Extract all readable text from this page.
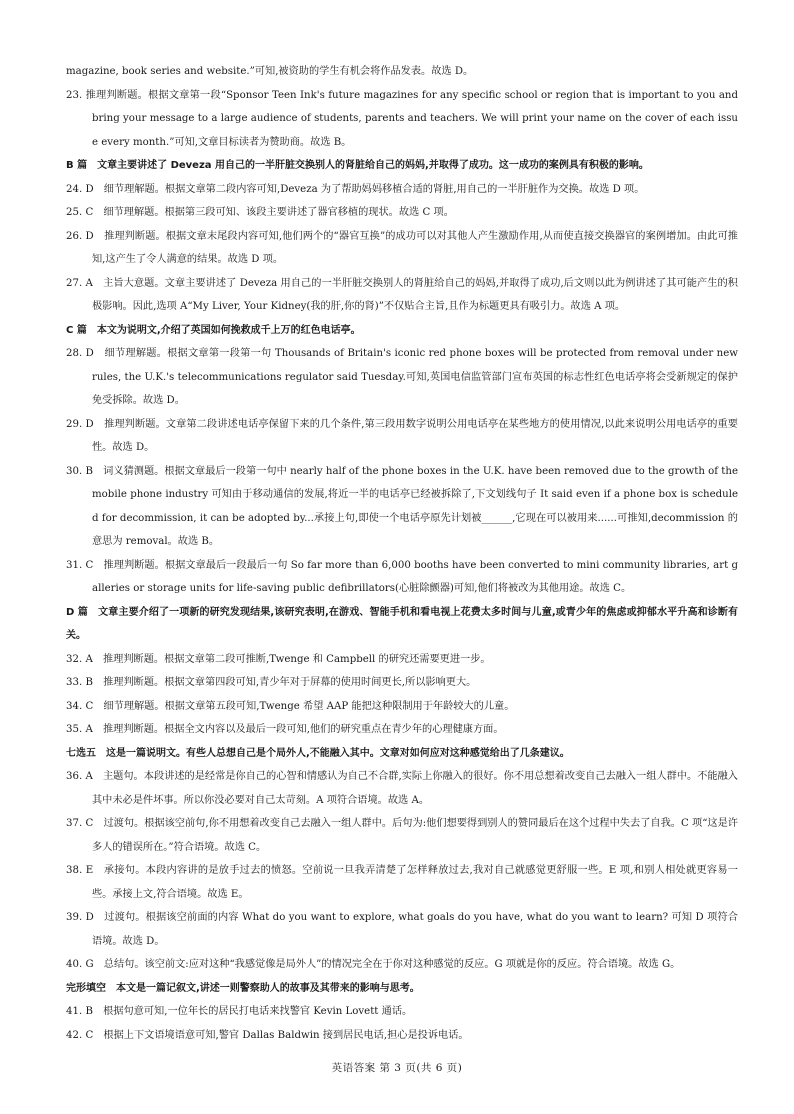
magazine, book series and website.”可知,被资助的学生有机会将作品发表。故选 D。

23. 推理判断题。根据文章第一段“Sponsor Teen Ink's future magazines for any specific school or region that is important to you and bring your message to a large audience of students, parents and teachers. We will print your name on the cover of each issue every month.”可知,文章目标读者为赞助商。故选 B。

B 篇　文章主要讲述了 Deveza 用自己的一半肝脏交换别人的肾脏给自己的妈妈,并取得了成功。这一成功的案例具有积极的影响。

24. D　细节理解题。根据文章第二段内容可知,Deveza 为了帮助妈妈移植合适的肾脏,用自己的一半肝脏作为交换。故选 D 项。

25. C　细节理解题。根据第三段可知、该段主要讲述了器官移植的现状。故选 C 项。

26. D　推理判断题。根据文章末尾段内容可知,他们两个的“器官互换”的成功可以对其他人产生激励作用,从而使直接交换器官的案例增加。由此可推知,这产生了令人满意的结果。故选 D 项。

27. A　主旨大意题。文章主要讲述了 Deveza 用自己的一半肝脏交换别人的肾脏给自己的妈妈,并取得了成功,后文则以此为例讲述了其可能产生的积极影响。因此,选项 A“My Liver, Your Kidney(我的肝,你的肾)”不仅贴合主旨,且作为标题更具有吸引力。故选 A 项。

C 篇　本文为说明文,介绍了英国如何挽救成千上万的红色电话亭。

28. D　细节理解题。根据文章第一段第一句 Thousands of Britain's iconic red phone boxes will be protected from removal under new rules, the U.K.'s telecommunications regulator said Tuesday.可知,英国电信监管部门宣布英国的标志性红色电话亭将会受新规定的保护免受拆除。故选 D。

29. D　推理判断题。文章第二段讲述电话亭保留下来的几个条件,第三段用数字说明公用电话亭在某些地方的使用情况,以此来说明公用电话亭的重要性。故选 D。

30. B　词义猜测题。根据文章最后一段第一句中 nearly half of the phone boxes in the U.K. have been removed due to the growth of the mobile phone industry 可知由于移动通信的发展,将近一半的电话亭已经被拆除了,下文划线句子 It said even if a phone box is scheduled for decommission, it can be adopted by...承接上句,即使一个电话亭原先计划被______,它现在可以被用来......可推知,decommission 的意思为 removal。故选 B。

31. C　推理判断题。根据文章最后一段最后一句 So far more than 6,000 booths have been converted to mini community libraries, art galleries or storage units for life-saving public defibrillators(心脏除颤器)可知,他们将被改为其他用途。故选 C。

D 篇　文章主要介绍了一项新的研究发现结果,该研究表明,在游戏、智能手机和看电视上花费太多时间与儿童,或青少年的焦虑或抑郁水平升高和诊断有关。

32. A　推理判断题。根据文章第二段可推断,Twenge 和 Campbell 的研究还需要更进一步。

33. B　推理判断题。根据文章第四段可知,青少年对于屏幕的使用时间更长,所以影响更大。

34. C　细节理解题。根据文章第五段可知,Twenge 希望 AAP 能把这种限制用于年龄较大的儿童。

35. A　推理判断题。根据全文内容以及最后一段可知,他们的研究重点在青少年的心理健康方面。

七选五　这是一篇说明文。有些人总想自己是个局外人,不能融入其中。文章对如何应对这种感觉给出了几条建议。

36. A　主题句。本段讲述的是经常是你自己的心智和情感认为自己不合群,实际上你融入的很好。你不用总想着改变自己去融入一组人群中。不能融入其中未必是件坏事。所以你没必要对自己太苛刻。A 项符合语境。故选 A。

37. C　过渡句。根据该空前句,你不用想着改变自己去融入一组人群中。后句为:他们想要得到别人的赞同最后在这个过程中失去了自我。C 项“这是许多人的错误所在。”符合语境。故选 C。

38. E　承接句。本段内容讲的是放手过去的愤怒。空前说一旦我弄清楚了怎样释放过去,我对自己就感觉更舒服一些。E 项,和别人相处就更容易一些。承接上文,符合语境。故选 E。

39. D　过渡句。根据该空前面的内容 What do you want to explore, what goals do you have, what do you want to learn? 可知 D 项符合语境。故选 D。

40. G　总结句。该空前文:应对这种“我感觉像是局外人”的情况完全在于你对这种感觉的反应。G 项就是你的反应。符合语境。故选 G。

完形填空　本文是一篇记叙文,讲述一则警察助人的故事及其带来的影响与思考。

41. B　根据句意可知,一位年长的居民打电话来找警官 Kevin Lovett 通话。

42. C　根据上下文语境语意可知,警官 Dallas Baldwin 接到居民电话,担心是投诉电话。

英语答案 第 3 页(共 6 页)
